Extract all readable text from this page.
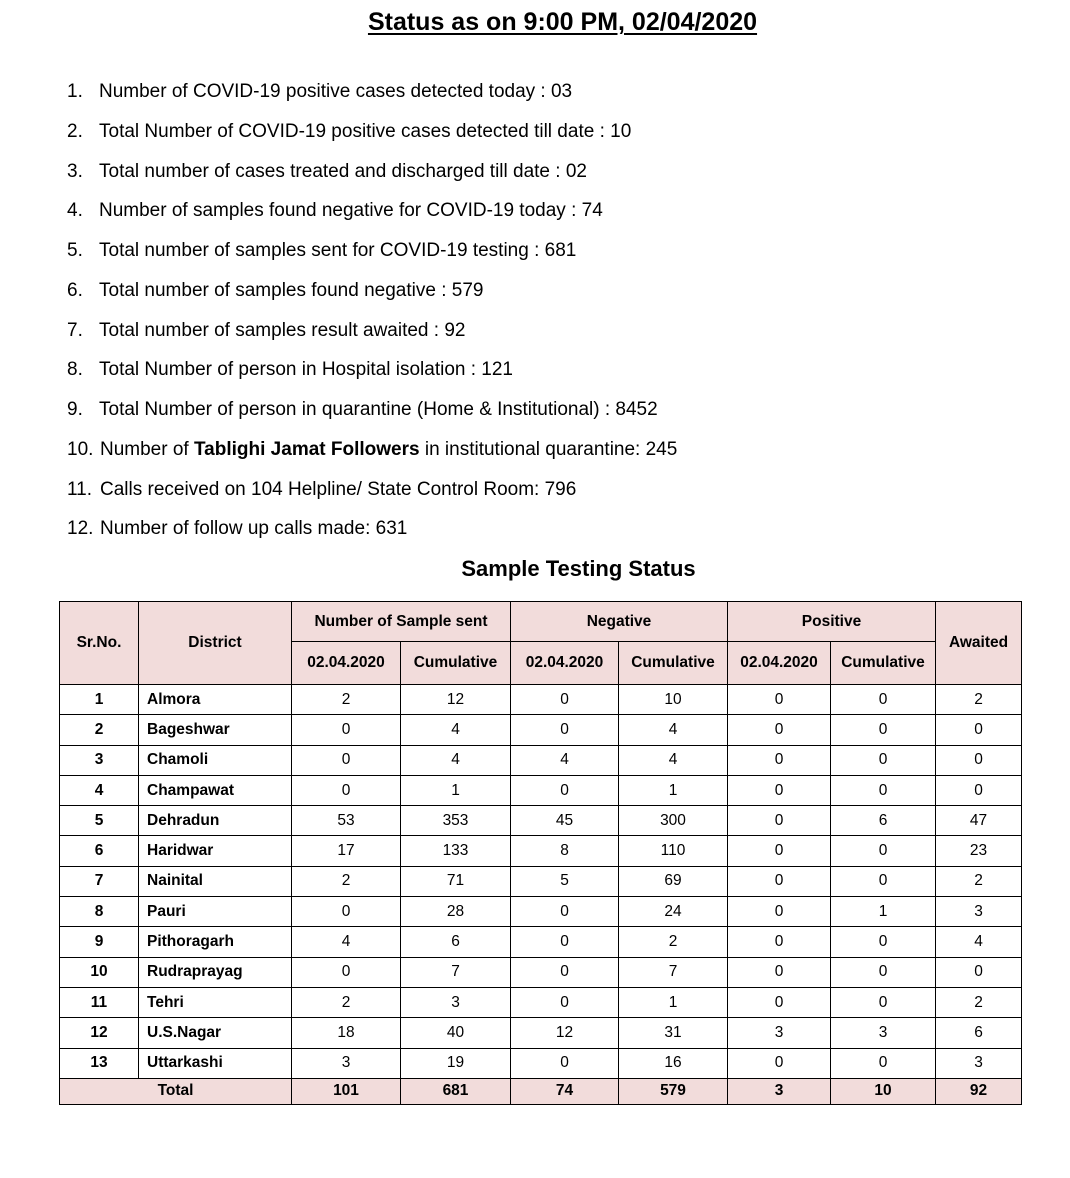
Status as on 9:00 PM, 02/04/2020
1. Number of COVID-19 positive cases detected today : 03
2. Total Number of COVID-19 positive cases detected till date : 10
3. Total number of cases treated and discharged till date : 02
4. Number of samples found negative for COVID-19 today : 74
5. Total number of samples sent for COVID-19 testing : 681
6. Total number of samples found negative : 579
7. Total number of samples result awaited : 92
8. Total Number of person in Hospital isolation : 121
9. Total Number of person in quarantine (Home & Institutional) : 8452
10. Number of Tablighi Jamat Followers in institutional quarantine: 245
11. Calls received on 104 Helpline/ State Control Room: 796
12. Number of follow up calls made: 631
Sample Testing Status
Sr.No.	District	Number of Sample sent		Negative		Positive		Awaited
		02.04.2020	Cumulative	02.04.2020	Cumulative	02.04.2020	Cumulative	
1	Almora	2	12	0	10	0	0	2
2	Bageshwar	0	4	0	4	0	0	0
3	Chamoli	0	4	4	4	0	0	0
4	Champawat	0	1	0	1	0	0	0
5	Dehradun	53	353	45	300	0	6	47
6	Haridwar	17	133	8	110	0	0	23
7	Nainital	2	71	5	69	0	0	2
8	Pauri	0	28	0	24	0	1	3
9	Pithoragarh	4	6	0	2	0	0	4
10	Rudraprayag	0	7	0	7	0	0	0
11	Tehri	2	3	0	1	0	0	2
12	U.S.Nagar	18	40	12	31	3	3	6
13	Uttarkashi	3	19	0	16	0	0	3
Total		101	681	74	579	3	10	92
